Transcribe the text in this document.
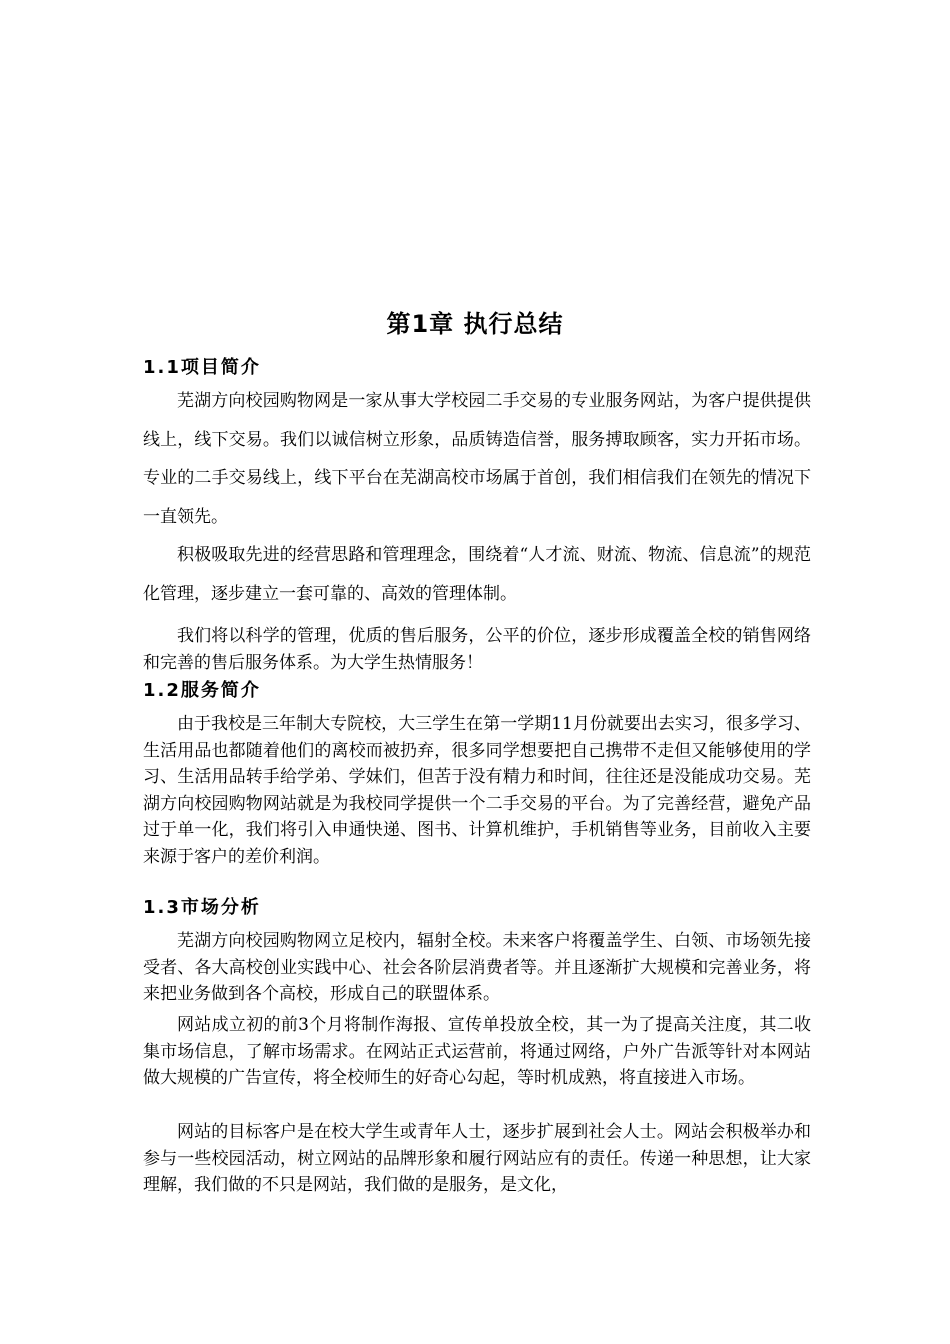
第1章 执行总结
1.1项目简介

芜湖方向校园购物网是一家从事大学校园二手交易的专业服务网站，为客户提供提供线上，线下交易。我们以诚信树立形象，品质铸造信誉，服务搏取顾客，实力开拓市场。专业的二手交易线上，线下平台在芜湖高校市场属于首创，我们相信我们在领先的情况下一直领先。

积极吸取先进的经营思路和管理理念，围绕着“人才流、财流、物流、信息流”的规范化管理，逐步建立一套可靠的、高效的管理体制。

我们将以科学的管理，优质的售后服务，公平的价位，逐步形成覆盖全校的销售网络和完善的售后服务体系。为大学生热情服务！

1.2服务简介

由于我校是三年制大专院校，大三学生在第一学期11月份就要出去实习，很多学习、生活用品也都随着他们的离校而被扔弃，很多同学想要把自己携带不走但又能够使用的学习、生活用品转手给学弟、学妹们，但苦于没有精力和时间，往往还是没能成功交易。芜湖方向校园购物网站就是为我校同学提供一个二手交易的平台。为了完善经营，避免产品过于单一化，我们将引入申通快递、图书、计算机维护，手机销售等业务，目前收入主要来源于客户的差价利润。

1.3市场分析

芜湖方向校园购物网立足校内，辐射全校。未来客户将覆盖学生、白领、市场领先接受者、各大高校创业实践中心、社会各阶层消费者等。并且逐渐扩大规模和完善业务，将来把业务做到各个高校，形成自己的联盟体系。

网站成立初的前3个月将制作海报、宣传单投放全校，其一为了提高关注度，其二收集市场信息，了解市场需求。在网站正式运营前，将通过网络，户外广告派等针对本网站做大规模的广告宣传，将全校师生的好奇心勾起，等时机成熟，将直接进入市场。

网站的目标客户是在校大学生或青年人士，逐步扩展到社会人士。网站会积极举办和参与一些校园活动，树立网站的品牌形象和履行网站应有的责任。传递一种思想，让大家理解，我们做的不只是网站，我们做的是服务，是文化，
